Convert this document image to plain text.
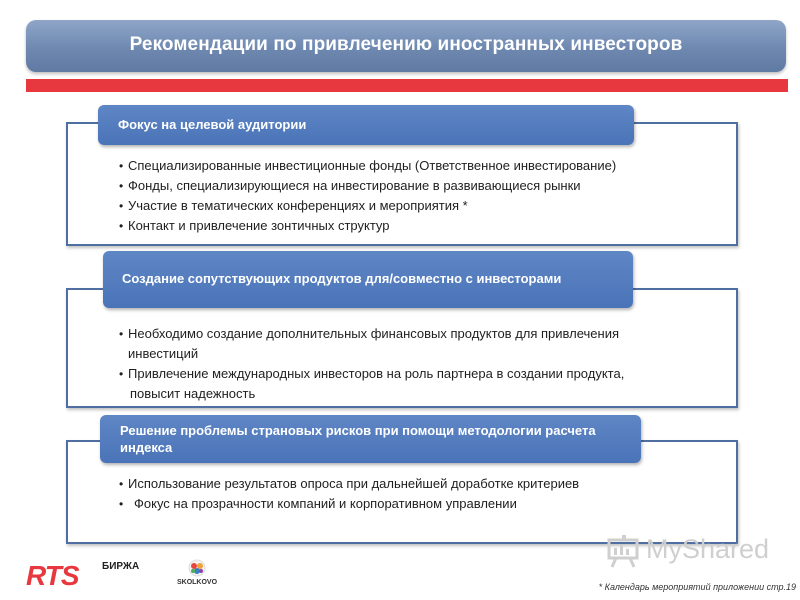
Рекомендации по привлечению иностранных инвесторов
• Специализированные инвестиционные фонды (Ответственное инвестирование)
• Фонды, специализирующиеся на инвестирование в развивающиеся рынки
• Участие в тематических конференциях и мероприятия *
• Контакт и привлечение зонтичных структур
Фокус на целевой аудитории
• Необходимо создание дополнительных финансовых продуктов для привлечения
инвестиций
• Привлечение международных инвесторов на роль партнера в создании продукта,
повысит надежность
Создание сопутствующих продуктов для/совместно с инвесторами
• Использование результатов опроса при дальнейшей доработке критериев
• Фокус на прозрачности компаний и корпоративном управлении
Решение проблемы страновых рисков при помощи методологии расчета
индекса
RTS БИРЖА
SKOLKOVO
MyShared
* Календарь мероприятий приложении стр.19
